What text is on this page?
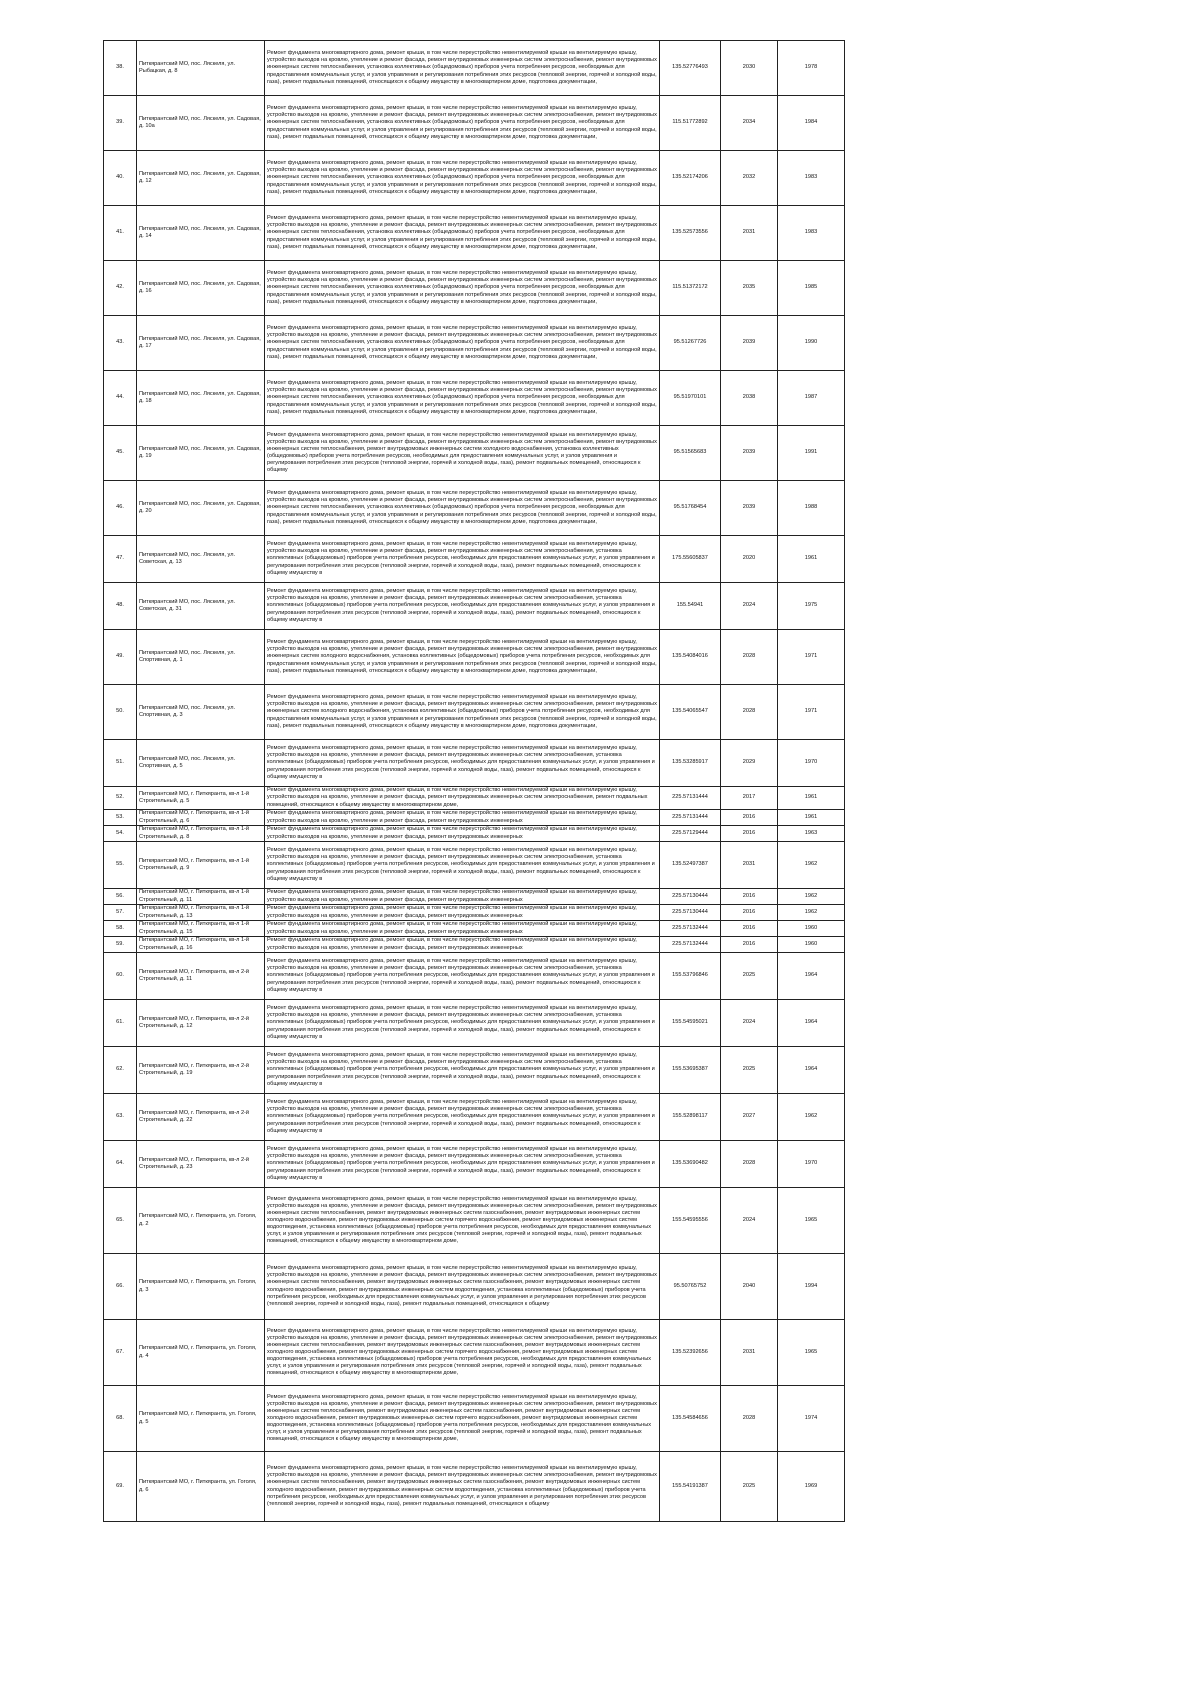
38.	Питкярантский МО, пос. Ляскеля, ул. Рыбацкая, д. 8	Ремонт фундамента многоквартирного дома, ремонт крыши, в том числе переустройство невентилируемой крыши на вентилируемую крышу, устройство выходов на кровлю, утепление и ремонт фасада, ремонт внутридомовых инженерных систем электроснабжения, ремонт внутридомовых инженерных систем теплоснабжения, установка коллективных (общедомовых) приборов учета потребления ресурсов, необходимых для предоставления коммунальных услуг, и узлов управления и регулирования потребления этих ресурсов (тепловой энергии, горячей и холодной воды, газа), ремонт подвальных помещений, относящихся к общему имуществу в многоквартирном доме, подготовка документации,	135.52776493	2030	1978
39.	Питкярантский МО, пос. Ляскеля, ул. Садовая, д. 10а	Ремонт фундамента многоквартирного дома, ремонт крыши, в том числе переустройство невентилируемой крыши на вентилируемую крышу, устройство выходов на кровлю, утепление и ремонт фасада, ремонт внутридомовых инженерных систем электроснабжения, ремонт внутридомовых инженерных систем теплоснабжения, установка коллективных (общедомовых) приборов учета потребления ресурсов, необходимых для предоставления коммунальных услуг, и узлов управления и регулирования потребления этих ресурсов (тепловой энергии, горячей и холодной воды, газа), ремонт подвальных помещений, относящихся к общему имуществу в многоквартирном доме, подготовка документации,	115.51772892	2034	1984
40.	Питкярантский МО, пос. Ляскеля, ул. Садовая, д. 12	Ремонт фундамента многоквартирного дома, ремонт крыши, в том числе переустройство невентилируемой крыши на вентилируемую крышу, устройство выходов на кровлю, утепление и ремонт фасада, ремонт внутридомовых инженерных систем электроснабжения, ремонт внутридомовых инженерных систем теплоснабжения, установка коллективных (общедомовых) приборов учета потребления ресурсов, необходимых для предоставления коммунальных услуг, и узлов управления и регулирования потребления этих ресурсов (тепловой энергии, горячей и холодной воды, газа), ремонт подвальных помещений, относящихся к общему имуществу в многоквартирном доме, подготовка документации,	135.52174206	2032	1983
41.	Питкярантский МО, пос. Ляскеля, ул. Садовая, д. 14	Ремонт фундамента многоквартирного дома, ремонт крыши, в том числе переустройство невентилируемой крыши на вентилируемую крышу, устройство выходов на кровлю, утепление и ремонт фасада, ремонт внутридомовых инженерных систем электроснабжения, ремонт внутридомовых инженерных систем теплоснабжения, установка коллективных (общедомовых) приборов учета потребления ресурсов, необходимых для предоставления коммунальных услуг, и узлов управления и регулирования потребления этих ресурсов (тепловой энергии, горячей и холодной воды, газа), ремонт подвальных помещений, относящихся к общему имуществу в многоквартирном доме, подготовка документации,	135.52573556	2031	1983
42.	Питкярантский МО, пос. Ляскеля, ул. Садовая, д. 16	Ремонт фундамента многоквартирного дома, ремонт крыши, в том числе переустройство невентилируемой крыши на вентилируемую крышу, устройство выходов на кровлю, утепление и ремонт фасада, ремонт внутридомовых инженерных систем электроснабжения, ремонт внутридомовых инженерных систем теплоснабжения, установка коллективных (общедомовых) приборов учета потребления ресурсов, необходимых для предоставления коммунальных услуг, и узлов управления и регулирования потребления этих ресурсов (тепловой энергии, горячей и холодной воды, газа), ремонт подвальных помещений, относящихся к общему имуществу в многоквартирном доме, подготовка документации,	115.51372172	2035	1985
43.	Питкярантский МО, пос. Ляскеля, ул. Садовая, д. 17	Ремонт фундамента многоквартирного дома, ремонт крыши, в том числе переустройство невентилируемой крыши на вентилируемую крышу, устройство выходов на кровлю, утепление и ремонт фасада, ремонт внутридомовых инженерных систем электроснабжения, ремонт внутридомовых инженерных систем теплоснабжения, установка коллективных (общедомовых) приборов учета потребления ресурсов, необходимых для предоставления коммунальных услуг, и узлов управления и регулирования потребления этих ресурсов (тепловой энергии, горячей и холодной воды, газа), ремонт подвальных помещений, относящихся к общему имуществу в многоквартирном доме, подготовка документации,	95.51267726	2039	1990
44.	Питкярантский МО, пос. Ляскеля, ул. Садовая, д. 18	Ремонт фундамента многоквартирного дома, ремонт крыши, в том числе переустройство невентилируемой крыши на вентилируемую крышу, устройство выходов на кровлю, утепление и ремонт фасада, ремонт внутридомовых инженерных систем электроснабжения, ремонт внутридомовых инженерных систем теплоснабжения, установка коллективных (общедомовых) приборов учета потребления ресурсов, необходимых для предоставления коммунальных услуг, и узлов управления и регулирования потребления этих ресурсов (тепловой энергии, горячей и холодной воды, газа), ремонт подвальных помещений, относящихся к общему имуществу в многоквартирном доме, подготовка документации,	95.51970101	2038	1987
45.	Питкярантский МО, пос. Ляскеля, ул. Садовая, д. 19	Ремонт фундамента многоквартирного дома, ремонт крыши, в том числе переустройство невентилируемой крыши на вентилируемую крышу, устройство выходов на кровлю, утепление и ремонт фасада, ремонт внутридомовых инженерных систем электроснабжения, ремонт внутридомовых инженерных систем теплоснабжения, ремонт внутридомовых инженерных систем холодного водоснабжения, установка коллективных (общедомовых) приборов учета потребления ресурсов, необходимых для предоставления коммунальных услуг, и узлов управления и регулирования потребления этих ресурсов (тепловой энергии, горячей и холодной воды, газа), ремонт подвальных помещений, относящихся к общему	95.51565683	2039	1991
46.	Питкярантский МО, пос. Ляскеля, ул. Садовая, д. 20	Ремонт фундамента многоквартирного дома, ремонт крыши, в том числе переустройство невентилируемой крыши на вентилируемую крышу, устройство выходов на кровлю, утепление и ремонт фасада, ремонт внутридомовых инженерных систем электроснабжения, ремонт внутридомовых инженерных систем теплоснабжения, установка коллективных (общедомовых) приборов учета потребления ресурсов, необходимых для предоставления коммунальных услуг, и узлов управления и регулирования потребления этих ресурсов (тепловой энергии, горячей и холодной воды, газа), ремонт подвальных помещений, относящихся к общему имуществу в многоквартирном доме, подготовка документации,	95.51768454	2039	1988
47.	Питкярантский МО, пос. Ляскеля, ул. Советская, д. 13	Ремонт фундамента многоквартирного дома, ремонт крыши, в том числе переустройство невентилируемой крыши на вентилируемую крышу, устройство выходов на кровлю, утепление и ремонт фасада, ремонт внутридомовых инженерных систем электроснабжения, установка коллективных (общедомовых) приборов учета потребления ресурсов, необходимых для предоставления коммунальных услуг, и узлов управления и регулирования потребления этих ресурсов (тепловой энергии, горячей и холодной воды, газа), ремонт подвальных помещений, относящихся к общему имуществу в	175.55605837	2020	1961
48.	Питкярантский МО, пос. Ляскеля, ул. Советская, д. 31	Ремонт фундамента многоквартирного дома, ремонт крыши, в том числе переустройство невентилируемой крыши на вентилируемую крышу, устройство выходов на кровлю, утепление и ремонт фасада, ремонт внутридомовых инженерных систем электроснабжения, установка коллективных (общедомовых) приборов учета потребления ресурсов, необходимых для предоставления коммунальных услуг, и узлов управления и регулирования потребления этих ресурсов (тепловой энергии, горячей и холодной воды, газа), ремонт подвальных помещений, относящихся к общему имуществу в	155.54941	2024	1975
49.	Питкярантский МО, пос. Ляскеля, ул. Спортивная, д. 1	Ремонт фундамента многоквартирного дома, ремонт крыши, в том числе переустройство невентилируемой крыши на вентилируемую крышу, устройство выходов на кровлю, утепление и ремонт фасада, ремонт внутридомовых инженерных систем электроснабжения, ремонт внутридомовых инженерных систем холодного водоснабжения, установка коллективных (общедомовых) приборов учета потребления ресурсов, необходимых для предоставления коммунальных услуг, и узлов управления и регулирования потребления этих ресурсов (тепловой энергии, горячей и холодной воды, газа), ремонт подвальных помещений, относящихся к общему имуществу в многоквартирном доме, подготовка документации,	135.54084016	2028	1971
50.	Питкярантский МО, пос. Ляскеля, ул. Спортивная, д. 3	Ремонт фундамента многоквартирного дома, ремонт крыши, в том числе переустройство невентилируемой крыши на вентилируемую крышу, устройство выходов на кровлю, утепление и ремонт фасада, ремонт внутридомовых инженерных систем электроснабжения, ремонт внутридомовых инженерных систем холодного водоснабжения, установка коллективных (общедомовых) приборов учета потребления ресурсов, необходимых для предоставления коммунальных услуг, и узлов управления и регулирования потребления этих ресурсов (тепловой энергии, горячей и холодной воды, газа), ремонт подвальных помещений, относящихся к общему имуществу в многоквартирном доме, подготовка документации,	135.54065547	2028	1971
51.	Питкярантский МО, пос. Ляскеля, ул. Спортивная, д. 5	Ремонт фундамента многоквартирного дома, ремонт крыши, в том числе переустройство невентилируемой крыши на вентилируемую крышу, устройство выходов на кровлю, утепление и ремонт фасада, ремонт внутридомовых инженерных систем электроснабжения, установка коллективных (общедомовых) приборов учета потребления ресурсов, необходимых для предоставления коммунальных услуг, и узлов управления и регулирования потребления этих ресурсов (тепловой энергии, горячей и холодной воды, газа), ремонт подвальных помещений, относящихся к общему имуществу в	135.53285917	2029	1970
52.	Питкярантский МО, г. Питкяранта, кв-л 1-й Строительный, д. 5	Ремонт фундамента многоквартирного дома, ремонт крыши, в том числе переустройство невентилируемой крыши на вентилируемую крышу, устройство выходов на кровлю, утепление и ремонт фасада, ремонт внутридомовых инженерных систем электроснабжения, ремонт подвальных помещений, относящихся к общему имуществу в многоквартирном доме,	225.57131444	2017	1961
53.	Питкярантский МО, г. Питкяранта, кв-л 1-й Строительный, д. 6	Ремонт фундамента многоквартирного дома, ремонт крыши, в том числе переустройство невентилируемой крыши на вентилируемую крышу, устройство выходов на кровлю, утепление и ремонт фасада, ремонт внутридомовых инженерных	225.57131444	2016	1961
54.	Питкярантский МО, г. Питкяранта, кв-л 1-й Строительный, д. 8	Ремонт фундамента многоквартирного дома, ремонт крыши, в том числе переустройство невентилируемой крыши на вентилируемую крышу, устройство выходов на кровлю, утепление и ремонт фасада, ремонт внутридомовых инженерных	225.57129444	2016	1963
55.	Питкярантский МО, г. Питкяранта, кв-л 1-й Строительный, д. 9	Ремонт фундамента многоквартирного дома, ремонт крыши, в том числе переустройство невентилируемой крыши на вентилируемую крышу, устройство выходов на кровлю, утепление и ремонт фасада, ремонт внутридомовых инженерных систем электроснабжения, установка коллективных (общедомовых) приборов учета потребления ресурсов, необходимых для предоставления коммунальных услуг, и узлов управления и регулирования потребления этих ресурсов (тепловой энергии, горячей и холодной воды, газа), ремонт подвальных помещений, относящихся к общему имуществу в	135.52497387	2031	1962
56.	Питкярантский МО, г. Питкяранта, кв-л 1-й Строительный, д. 11	Ремонт фундамента многоквартирного дома, ремонт крыши, в том числе переустройство невентилируемой крыши на вентилируемую крышу, устройство выходов на кровлю, утепление и ремонт фасада, ремонт внутридомовых инженерных	225.57130444	2016	1962
57.	Питкярантский МО, г. Питкяранта, кв-л 1-й Строительный, д. 13	Ремонт фундамента многоквартирного дома, ремонт крыши, в том числе переустройство невентилируемой крыши на вентилируемую крышу, устройство выходов на кровлю, утепление и ремонт фасада, ремонт внутридомовых инженерных	225.57130444	2016	1962
58.	Питкярантский МО, г. Питкяранта, кв-л 1-й Строительный, д. 15	Ремонт фундамента многоквартирного дома, ремонт крыши, в том числе переустройство невентилируемой крыши на вентилируемую крышу, устройство выходов на кровлю, утепление и ремонт фасада, ремонт внутридомовых инженерных	225.57132444	2016	1960
59.	Питкярантский МО, г. Питкяранта, кв-л 1-й Строительный, д. 16	Ремонт фундамента многоквартирного дома, ремонт крыши, в том числе переустройство невентилируемой крыши на вентилируемую крышу, устройство выходов на кровлю, утепление и ремонт фасада, ремонт внутридомовых инженерных	225.57132444	2016	1960
60.	Питкярантский МО, г. Питкяранта, кв-л 2-й Строительный, д. 11	Ремонт фундамента многоквартирного дома, ремонт крыши, в том числе переустройство невентилируемой крыши на вентилируемую крышу, устройство выходов на кровлю, утепление и ремонт фасада, ремонт внутридомовых инженерных систем электроснабжения, установка коллективных (общедомовых) приборов учета потребления ресурсов, необходимых для предоставления коммунальных услуг, и узлов управления и регулирования потребления этих ресурсов (тепловой энергии, горячей и холодной воды, газа), ремонт подвальных помещений, относящихся к общему имуществу в	155.53796846	2025	1964
61.	Питкярантский МО, г. Питкяранта, кв-л 2-й Строительный, д. 12	Ремонт фундамента многоквартирного дома, ремонт крыши, в том числе переустройство невентилируемой крыши на вентилируемую крышу, устройство выходов на кровлю, утепление и ремонт фасада, ремонт внутридомовых инженерных систем электроснабжения, установка коллективных (общедомовых) приборов учета потребления ресурсов, необходимых для предоставления коммунальных услуг, и узлов управления и регулирования потребления этих ресурсов (тепловой энергии, горячей и холодной воды, газа), ремонт подвальных помещений, относящихся к общему имуществу в	155.54595021	2024	1964
62.	Питкярантский МО, г. Питкяранта, кв-л 2-й Строительный, д. 19	Ремонт фундамента многоквартирного дома, ремонт крыши, в том числе переустройство невентилируемой крыши на вентилируемую крышу, устройство выходов на кровлю, утепление и ремонт фасада, ремонт внутридомовых инженерных систем электроснабжения, установка коллективных (общедомовых) приборов учета потребления ресурсов, необходимых для предоставления коммунальных услуг, и узлов управления и регулирования потребления этих ресурсов (тепловой энергии, горячей и холодной воды, газа), ремонт подвальных помещений, относящихся к общему имуществу в	155.53695387	2025	1964
63.	Питкярантский МО, г. Питкяранта, кв-л 2-й Строительный, д. 22	Ремонт фундамента многоквартирного дома, ремонт крыши, в том числе переустройство невентилируемой крыши на вентилируемую крышу, устройство выходов на кровлю, утепление и ремонт фасада, ремонт внутридомовых инженерных систем электроснабжения, установка коллективных (общедомовых) приборов учета потребления ресурсов, необходимых для предоставления коммунальных услуг, и узлов управления и регулирования потребления этих ресурсов (тепловой энергии, горячей и холодной воды, газа), ремонт подвальных помещений, относящихся к общему имуществу в	155.52898117	2027	1962
64.	Питкярантский МО, г. Питкяранта, кв-л 2-й Строительный, д. 23	Ремонт фундамента многоквартирного дома, ремонт крыши, в том числе переустройство невентилируемой крыши на вентилируемую крышу, устройство выходов на кровлю, утепление и ремонт фасада, ремонт внутридомовых инженерных систем электроснабжения, установка коллективных (общедомовых) приборов учета потребления ресурсов, необходимых для предоставления коммунальных услуг, и узлов управления и регулирования потребления этих ресурсов (тепловой энергии, горячей и холодной воды, газа), ремонт подвальных помещений, относящихся к общему имуществу в	135.53690482	2028	1970
65.	Питкярантский МО, г. Питкяранта, ул. Гоголя, д. 2	Ремонт фундамента многоквартирного дома, ремонт крыши, в том числе переустройство невентилируемой крыши на вентилируемую крышу, устройство выходов на кровлю, утепление и ремонт фасада, ремонт внутридомовых инженерных систем электроснабжения, ремонт внутридомовых инженерных систем теплоснабжения, ремонт внутридомовых инженерных систем газоснабжения, ремонт внутридомовых инженерных систем холодного водоснабжения, ремонт внутридомовых инженерных систем горячего водоснабжения, ремонт внутридомовых инженерных систем водоотведения, установка коллективных (общедомовых) приборов учета потребления ресурсов, необходимых для предоставления коммунальных услуг, и узлов управления и регулирования потребления этих ресурсов (тепловой энергии, горячей и холодной воды, газа), ремонт подвальных помещений, относящихся к общему имуществу в многоквартирном доме,	155.54595556	2024	1965
66.	Питкярантский МО, г. Питкяранта, ул. Гоголя, д. 3	Ремонт фундамента многоквартирного дома, ремонт крыши, в том числе переустройство невентилируемой крыши на вентилируемую крышу, устройство выходов на кровлю, утепление и ремонт фасада, ремонт внутридомовых инженерных систем электроснабжения, ремонт внутридомовых инженерных систем теплоснабжения, ремонт внутридомовых инженерных систем газоснабжения, ремонт внутридомовых инженерных систем холодного водоснабжения, ремонт внутридомовых инженерных систем водоотведения, установка коллективных (общедомовых) приборов учета потребления ресурсов, необходимых для предоставления коммунальных услуг, и узлов управления и регулирования потребления этих ресурсов (тепловой энергии, горячей и холодной воды, газа), ремонт подвальных помещений, относящихся к общему	95.50765752	2040	1994
67.	Питкярантский МО, г. Питкяранта, ул. Гоголя, д. 4	Ремонт фундамента многоквартирного дома, ремонт крыши, в том числе переустройство невентилируемой крыши на вентилируемую крышу, устройство выходов на кровлю, утепление и ремонт фасада, ремонт внутридомовых инженерных систем электроснабжения, ремонт внутридомовых инженерных систем теплоснабжения, ремонт внутридомовых инженерных систем газоснабжения, ремонт внутридомовых инженерных систем холодного водоснабжения, ремонт внутридомовых инженерных систем горячего водоснабжения, ремонт внутридомовых инженерных систем водоотведения, установка коллективных (общедомовых) приборов учета потребления ресурсов, необходимых для предоставления коммунальных услуг, и узлов управления и регулирования потребления этих ресурсов (тепловой энергии, горячей и холодной воды, газа), ремонт подвальных помещений, относящихся к общему имуществу в многоквартирном доме,	135.52392656	2031	1965
68.	Питкярантский МО, г. Питкяранта, ул. Гоголя, д. 5	Ремонт фундамента многоквартирного дома, ремонт крыши, в том числе переустройство невентилируемой крыши на вентилируемую крышу, устройство выходов на кровлю, утепление и ремонт фасада, ремонт внутридомовых инженерных систем электроснабжения, ремонт внутридомовых инженерных систем теплоснабжения, ремонт внутридомовых инженерных систем газоснабжения, ремонт внутридомовых инженерных систем холодного водоснабжения, ремонт внутридомовых инженерных систем горячего водоснабжения, ремонт внутридомовых инженерных систем водоотведения, установка коллективных (общедомовых) приборов учета потребления ресурсов, необходимых для предоставления коммунальных услуг, и узлов управления и регулирования потребления этих ресурсов (тепловой энергии, горячей и холодной воды, газа), ремонт подвальных помещений, относящихся к общему имуществу в многоквартирном доме,	135.54584656	2028	1974
69.	Питкярантский МО, г. Питкяранта, ул. Гоголя, д. 6	Ремонт фундамента многоквартирного дома, ремонт крыши, в том числе переустройство невентилируемой крыши на вентилируемую крышу, устройство выходов на кровлю, утепление и ремонт фасада, ремонт внутридомовых инженерных систем электроснабжения, ремонт внутридомовых инженерных систем теплоснабжения, ремонт внутридомовых инженерных систем газоснабжения, ремонт внутридомовых инженерных систем холодного водоснабжения, ремонт внутридомовых инженерных систем водоотведения, установка коллективных (общедомовых) приборов учета потребления ресурсов, необходимых для предоставления коммунальных услуг, и узлов управления и регулирования потребления этих ресурсов (тепловой энергии, горячей и холодной воды, газа), ремонт подвальных помещений, относящихся к общему	155.54191387	2025	1969
